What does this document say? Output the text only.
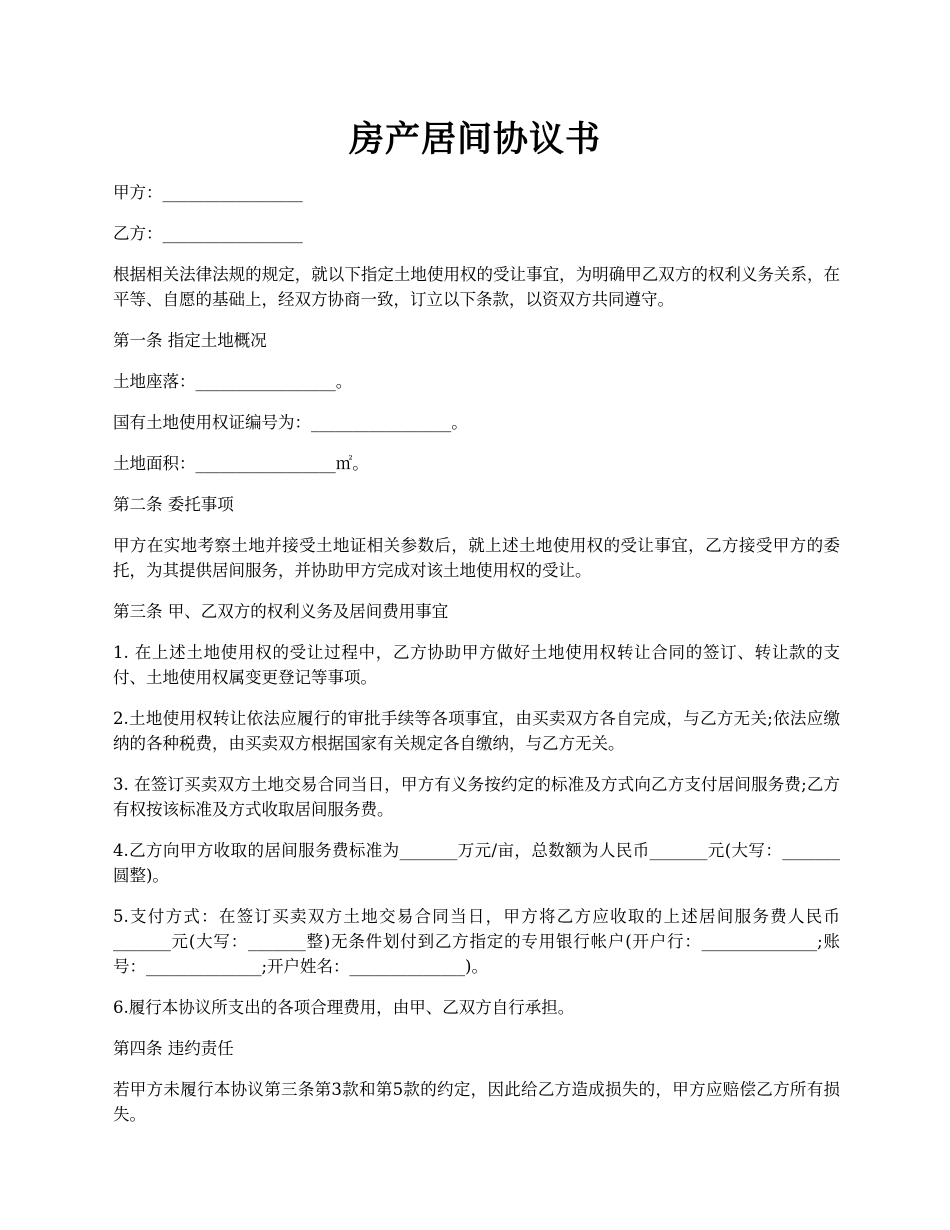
房产居间协议书

甲方：_________________

乙方：_________________

根据相关法律法规的规定，就以下指定土地使用权的受让事宜，为明确甲乙双方的权利义务关系，在平等、自愿的基础上，经双方协商一致，订立以下条款，以资双方共同遵守。

第一条 指定土地概况

土地座落：_________________。

国有土地使用权证编号为：_________________。

土地面积：_________________㎡。

第二条 委托事项

甲方在实地考察土地并接受土地证相关参数后，就上述土地使用权的受让事宜，乙方接受甲方的委托，为其提供居间服务，并协助甲方完成对该土地使用权的受让。

第三条 甲、乙双方的权利义务及居间费用事宜

1. 在上述土地使用权的受让过程中，乙方协助甲方做好土地使用权转让合同的签订、转让款的支付、土地使用权属变更登记等事项。

2.土地使用权转让依法应履行的审批手续等各项事宜，由买卖双方各自完成，与乙方无关;依法应缴纳的各种税费，由买卖双方根据国家有关规定各自缴纳，与乙方无关。

3. 在签订买卖双方土地交易合同当日，甲方有义务按约定的标准及方式向乙方支付居间服务费;乙方有权按该标准及方式收取居间服务费。

4.乙方向甲方收取的居间服务费标准为_______万元/亩，总数额为人民币_______元(大写：_______圆整)。

5.支付方式：在签订买卖双方土地交易合同当日，甲方将乙方应收取的上述居间服务费人民币_______元(大写：_______整)无条件划付到乙方指定的专用银行帐户(开户行：______________;账号：______________;开户姓名：______________)。

6.履行本协议所支出的各项合理费用，由甲、乙双方自行承担。

第四条 违约责任

若甲方未履行本协议第三条第3款和第5款的约定，因此给乙方造成损失的，甲方应赔偿乙方所有损失。
